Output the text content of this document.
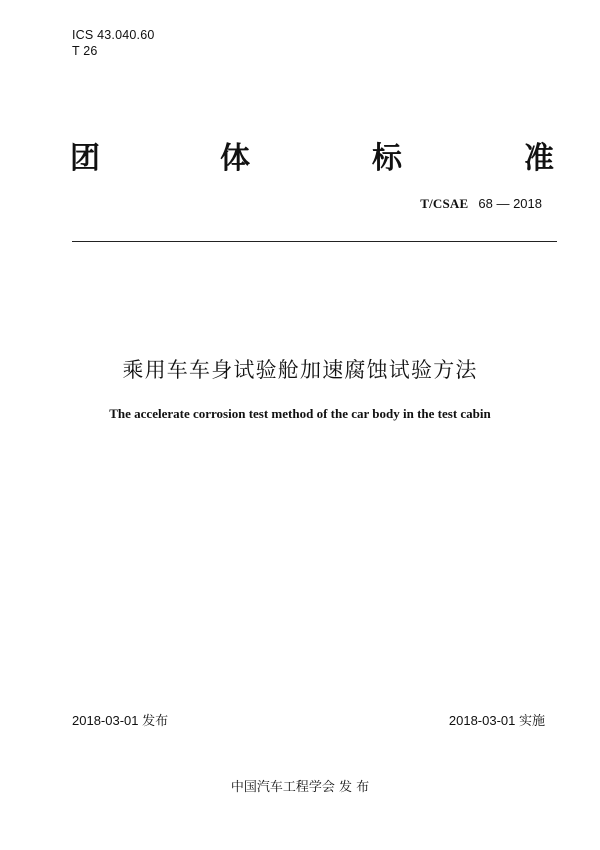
ICS 43.040.60
T 26
团	体	标	准
T/CSAE 68 — 2018
乘用车车身试验舱加速腐蚀试验方法
The accelerate corrosion test method of the car body in the test cabin
2018-03-01 发布	2018-03-01 实施
中国汽车工程学会 发 布
